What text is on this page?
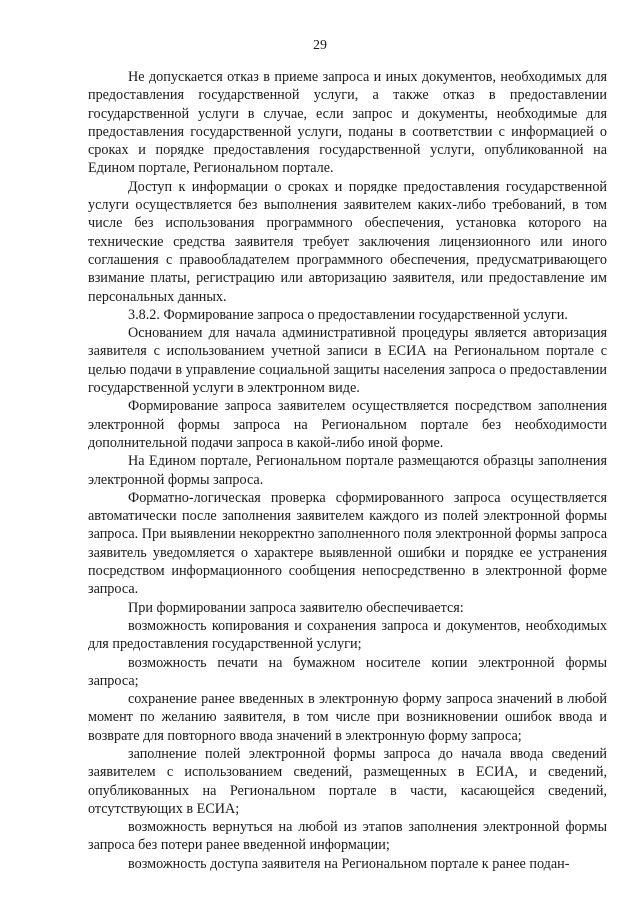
29

Не допускается отказ в приеме запроса и иных документов, необходимых для предоставления государственной услуги, а также отказ в предоставлении государственной услуги в случае, если запрос и документы, необходимые для предоставления государственной услуги, поданы в соответствии с информацией о сроках и порядке предоставления государственной услуги, опубликованной на Едином портале, Региональном портале.

Доступ к информации о сроках и порядке предоставления государственной услуги осуществляется без выполнения заявителем каких-либо требований, в том числе без использования программного обеспечения, установка которого на технические средства заявителя требует заключения лицензионного или иного соглашения с правообладателем программного обеспечения, предусматривающего взимание платы, регистрацию или авторизацию заявителя, или предоставление им персональных данных.

3.8.2. Формирование запроса о предоставлении государственной услуги.

Основанием для начала административной процедуры является авторизация заявителя с использованием учетной записи в ЕСИА на Региональном портале с целью подачи в управление социальной защиты населения запроса о предоставлении государственной услуги в электронном виде.

Формирование запроса заявителем осуществляется посредством заполнения электронной формы запроса на Региональном портале без необходимости дополнительной подачи запроса в какой-либо иной форме.

На Едином портале, Региональном портале размещаются образцы заполнения электронной формы запроса.

Форматно-логическая проверка сформированного запроса осуществляется автоматически после заполнения заявителем каждого из полей электронной формы запроса. При выявлении некорректно заполненного поля электронной формы запроса заявитель уведомляется о характере выявленной ошибки и порядке ее устранения посредством информационного сообщения непосредственно в электронной форме запроса.

При формировании запроса заявителю обеспечивается:

возможность копирования и сохранения запроса и документов, необходимых для предоставления государственной услуги;

возможность печати на бумажном носителе копии электронной формы запроса;

сохранение ранее введенных в электронную форму запроса значений в любой момент по желанию заявителя, в том числе при возникновении ошибок ввода и возврате для повторного ввода значений в электронную форму запроса;

заполнение полей электронной формы запроса до начала ввода сведений заявителем с использованием сведений, размещенных в ЕСИА, и сведений, опубликованных на Региональном портале в части, касающейся сведений, отсутствующих в ЕСИА;

возможность вернуться на любой из этапов заполнения электронной формы запроса без потери ранее введенной информации;

возможность доступа заявителя на Региональном портале к ранее подан-
